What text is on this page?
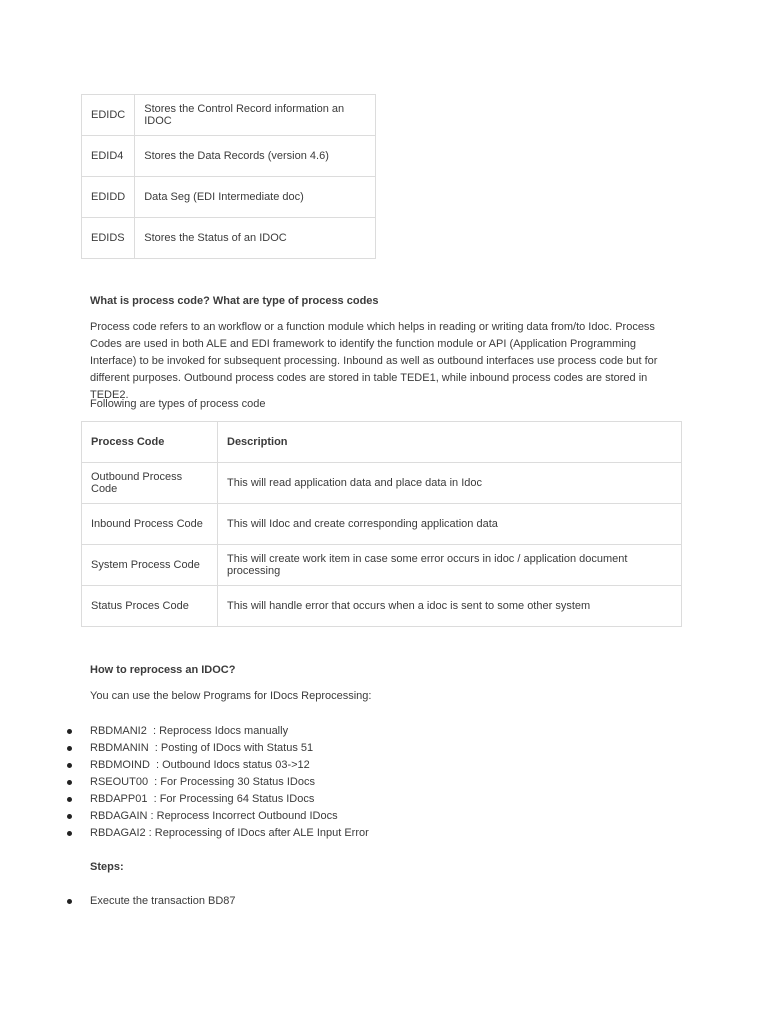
EDIDC	Stores the Control Record information an IDOC
EDID4	Stores the Data Records (version 4.6)
EDIDD	Data Seg (EDI Intermediate doc)
EDIDS	Stores the Status of an IDOC
What is process code? What are type of process codes
Process code refers to an workflow or a function module which helps in reading or writing data from/to Idoc. Process Codes are used in both ALE and EDI framework to identify the function module or API (Application Programming Interface) to be invoked for subsequent processing. Inbound as well as outbound interfaces use process code but for different purposes. Outbound process codes are stored in table TEDE1, while inbound process codes are stored in TEDE2.
Following are types of process code
Process Code	Description
Outbound Process Code	This will read application data and place data in Idoc
Inbound Process Code	This will Idoc and create corresponding application data
System Process Code	This will create work item in case some error occurs in idoc / application document processing
Status Proces Code	This will handle error that occurs when a idoc is sent to some other system
How to reprocess an IDOC?
You can use the below Programs for IDocs Reprocessing:
RBDMANI2  : Reprocess Idocs manually
RBDMANIN  : Posting of IDocs with Status 51
RBDMOIND  : Outbound Idocs status 03->12
RSEOUT00  : For Processing 30 Status IDocs
RBDAPP01  : For Processing 64 Status IDocs
RBDAGAIN : Reprocess Incorrect Outbound IDocs
RBDAGAI2 : Reprocessing of IDocs after ALE Input Error
Steps:
Execute the transaction BD87
